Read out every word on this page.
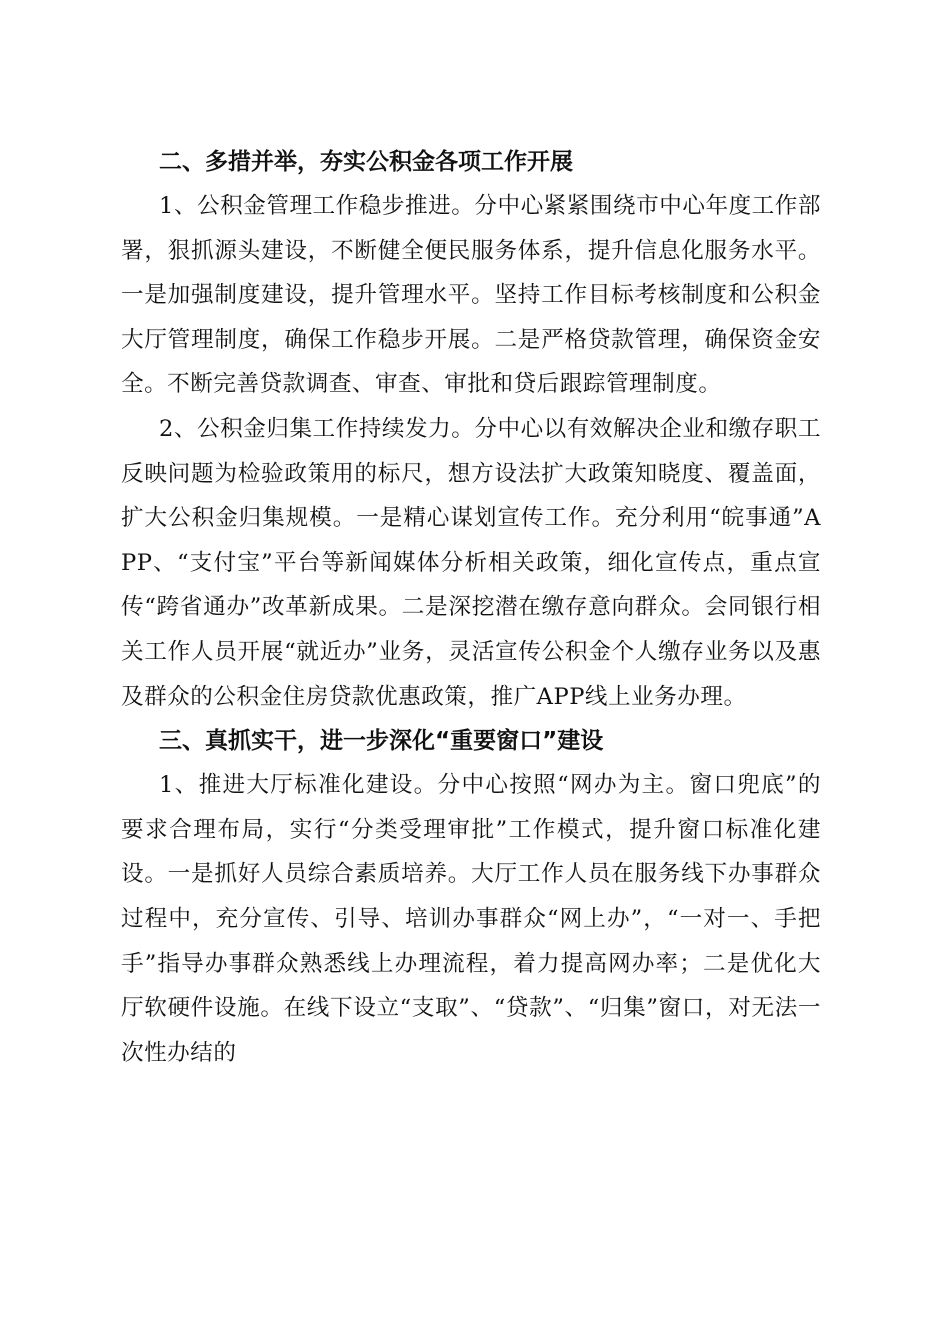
二、多措并举，夯实公积金各项工作开展

1、公积金管理工作稳步推进。分中心紧紧围绕市中心年度工作部署，狠抓源头建设，不断健全便民服务体系，提升信息化服务水平。一是加强制度建设，提升管理水平。坚持工作目标考核制度和公积金大厅管理制度，确保工作稳步开展。二是严格贷款管理，确保资金安全。不断完善贷款调查、审查、审批和贷后跟踪管理制度。

2、公积金归集工作持续发力。分中心以有效解决企业和缴存职工反映问题为检验政策用的标尺，想方设法扩大政策知晓度、覆盖面，扩大公积金归集规模。一是精心谋划宣传工作。充分利用“皖事通”APP、“支付宝”平台等新闻媒体分析相关政策，细化宣传点，重点宣传“跨省通办”改革新成果。二是深挖潜在缴存意向群众。会同银行相关工作人员开展“就近办”业务，灵活宣传公积金个人缴存业务以及惠及群众的公积金住房贷款优惠政策，推广APP线上业务办理。

三、真抓实干，进一步深化“重要窗口”建设

1、推进大厅标准化建设。分中心按照“网办为主。窗口兜底”的要求合理布局，实行“分类受理审批”工作模式，提升窗口标准化建设。一是抓好人员综合素质培养。大厅工作人员在服务线下办事群众过程中，充分宣传、引导、培训办事群众“网上办”，“一对一、手把手”指导办事群众熟悉线上办理流程，着力提高网办率；二是优化大厅软硬件设施。在线下设立“支取”、“贷款”、“归集”窗口，对无法一次性办结的
